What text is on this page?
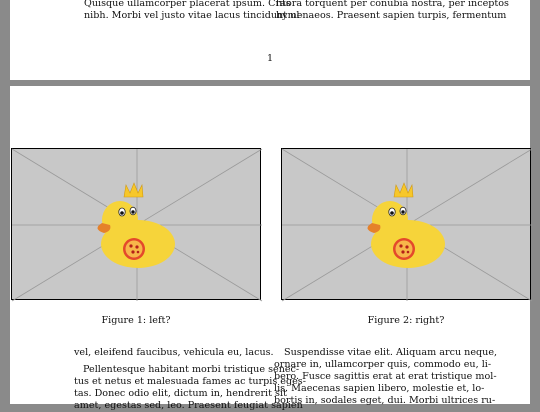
Quisque ullamcorper placerat ipsum. Cras
nibh. Morbi vel justo vitae lacus tincidunt ul-
litora torquent per conubia nostra, per inceptos
hymenaeos. Praesent sapien turpis, fermentum
1
Figure 1: left?	Figure 2: right?
vel, eleifend faucibus, vehicula eu, lacus.
Pellentesque habitant morbi tristique senec-
tus et netus et malesuada fames ac turpis eges-
tas. Donec odio elit, dictum in, hendrerit sit
amet, egestas sed, leo. Praesent feugiat sapien
Suspendisse vitae elit. Aliquam arcu neque,
ornare in, ullamcorper quis, commodo eu, li-
bero. Fusce sagittis erat at erat tristique mol-
lis. Maecenas sapien libero, molestie et, lo-
bortis in, sodales eget, dui. Morbi ultrices ru-
